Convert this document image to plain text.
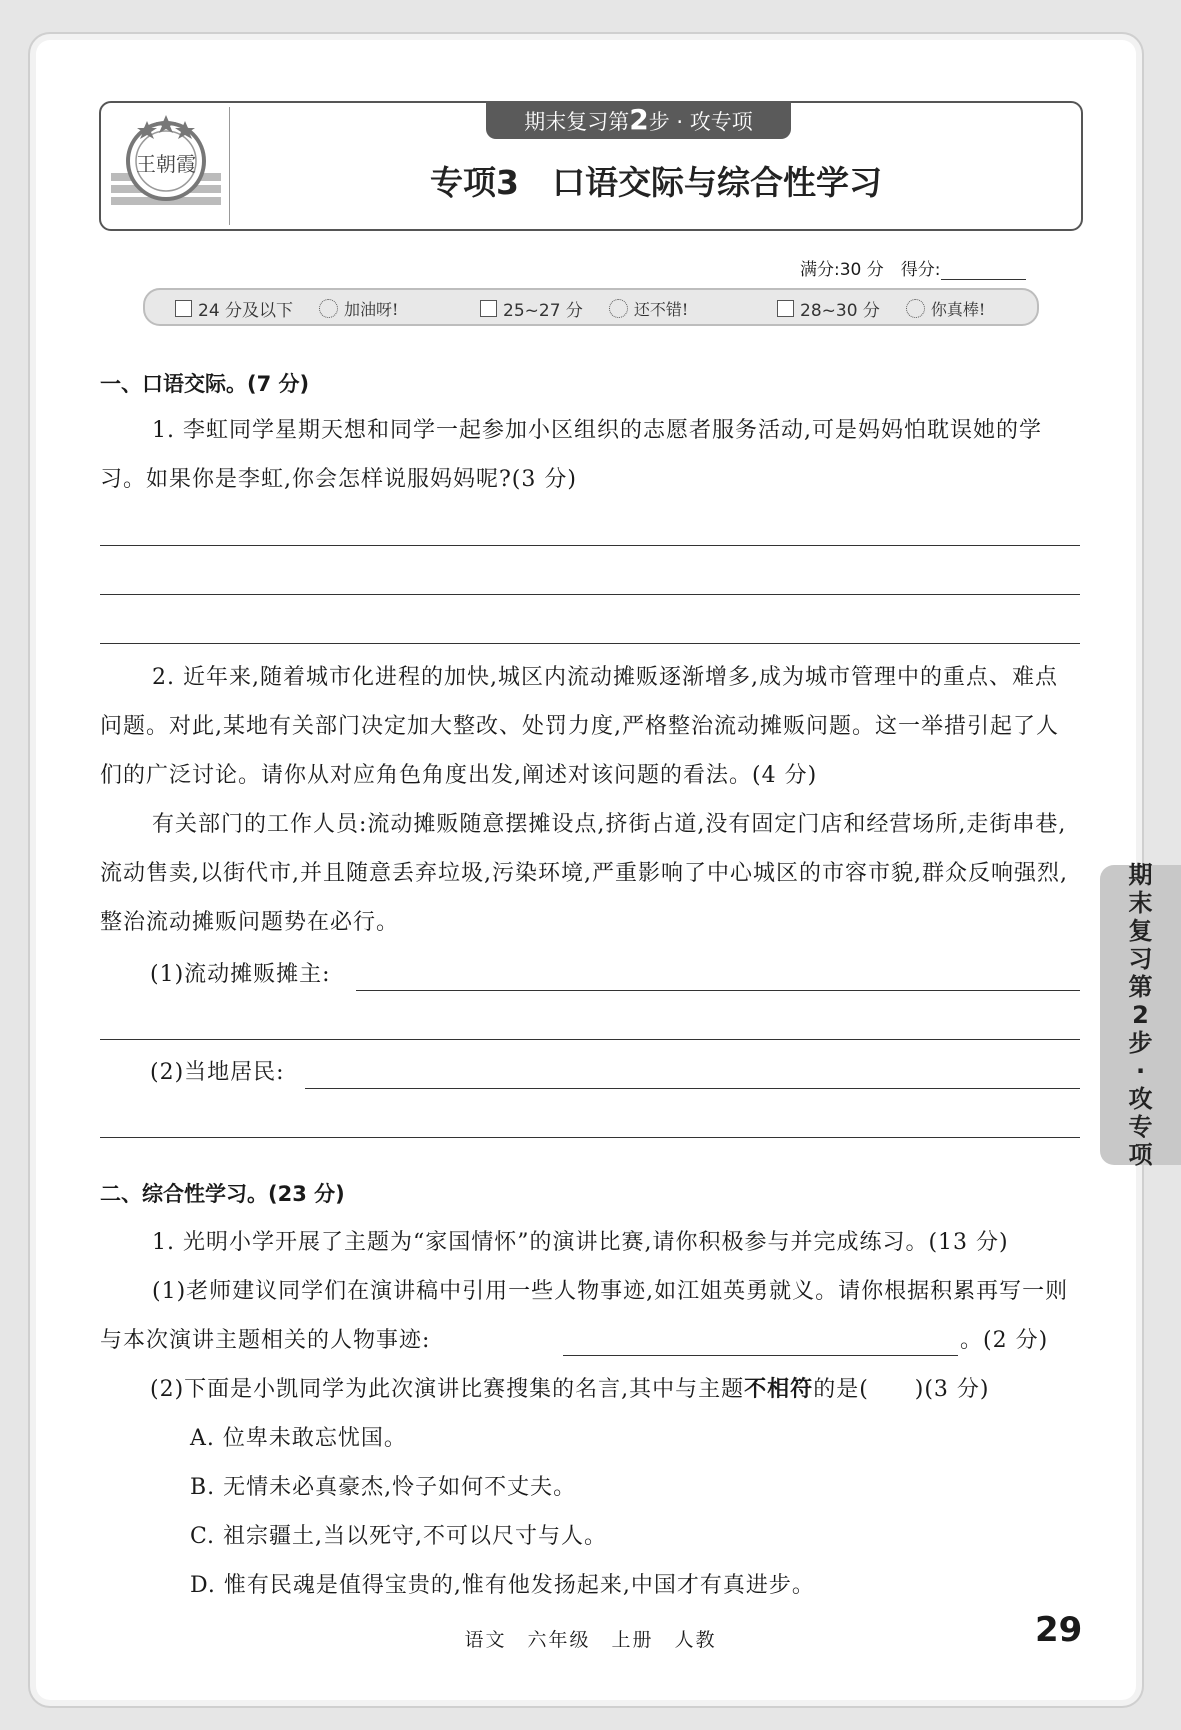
王朝霞
期末复习第2步 · 攻专项
专项3　口语交际与综合性学习
满分:30 分　得分:
24 分及以下	加油呀!	25~27 分	还不错!	28~30 分	你真棒!
一、口语交际。(7 分)
1. 李虹同学星期天想和同学一起参加小区组织的志愿者服务活动,可是妈妈怕耽误她的学习。如果你是李虹,你会怎样说服妈妈呢?(3 分)
2. 近年来,随着城市化进程的加快,城区内流动摊贩逐渐增多,成为城市管理中的重点、难点问题。对此,某地有关部门决定加大整改、处罚力度,严格整治流动摊贩问题。这一举措引起了人们的广泛讨论。请你从对应角色角度出发,阐述对该问题的看法。(4 分)
有关部门的工作人员:流动摊贩随意摆摊设点,挤街占道,没有固定门店和经营场所,走街串巷,流动售卖,以街代市,并且随意丢弃垃圾,污染环境,严重影响了中心城区的市容市貌,群众反响强烈,整治流动摊贩问题势在必行。
(1)流动摊贩摊主:
(2)当地居民:
二、综合性学习。(23 分)
1. 光明小学开展了主题为“家国情怀”的演讲比赛,请你积极参与并完成练习。(13 分)
(1)老师建议同学们在演讲稿中引用一些人物事迹,如江姐英勇就义。请你根据积累再写一则与本次演讲主题相关的人物事迹:	。(2 分)
(2)下面是小凯同学为此次演讲比赛搜集的名言,其中与主题不相符的是(　　)(3 分)
A. 位卑未敢忘忧国。
B. 无情未必真豪杰,怜子如何不丈夫。
C. 祖宗疆土,当以死守,不可以尺寸与人。
D. 惟有民魂是值得宝贵的,惟有他发扬起来,中国才有真进步。
期末复习第2步·攻专项
语文　六年级　上册　人教	29
